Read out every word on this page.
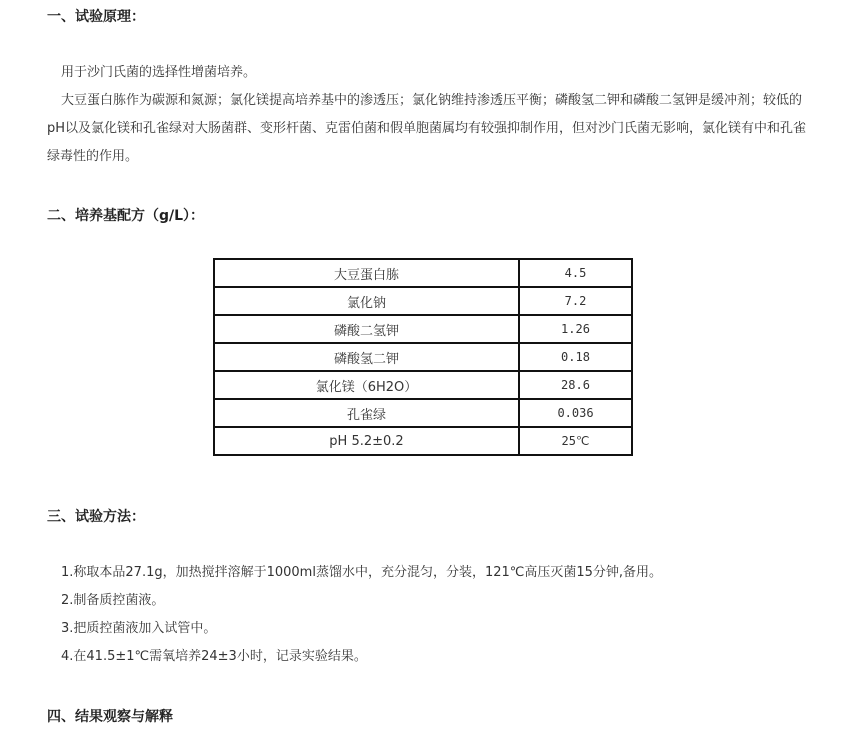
一、试验原理：
用于沙门氏菌的选择性增菌培养。
大豆蛋白胨作为碳源和氮源；氯化镁提高培养基中的渗透压；氯化钠维持渗透压平衡；磷酸氢二钾和磷酸二氢钾是缓冲剂；较低的pH以及氯化镁和孔雀绿对大肠菌群、变形杆菌、克雷伯菌和假单胞菌属均有较强抑制作用，但对沙门氏菌无影响，氯化镁有中和孔雀绿毒性的作用。
二、培养基配方（g/L）：
大豆蛋白胨	4.5
氯化钠	7.2
磷酸二氢钾	1.26
磷酸氢二钾	0.18
氯化镁（6H2O）	28.6
孔雀绿	0.036
pH 5.2±0.2	25℃
三、试验方法：
1.称取本品27.1g，加热搅拌溶解于1000ml蒸馏水中，充分混匀，分装，121℃高压灭菌15分钟,备用。
2.制备质控菌液。
3.把质控菌液加入试管中。
4.在41.5±1℃需氧培养24±3小时，记录实验结果。
四、结果观察与解释
